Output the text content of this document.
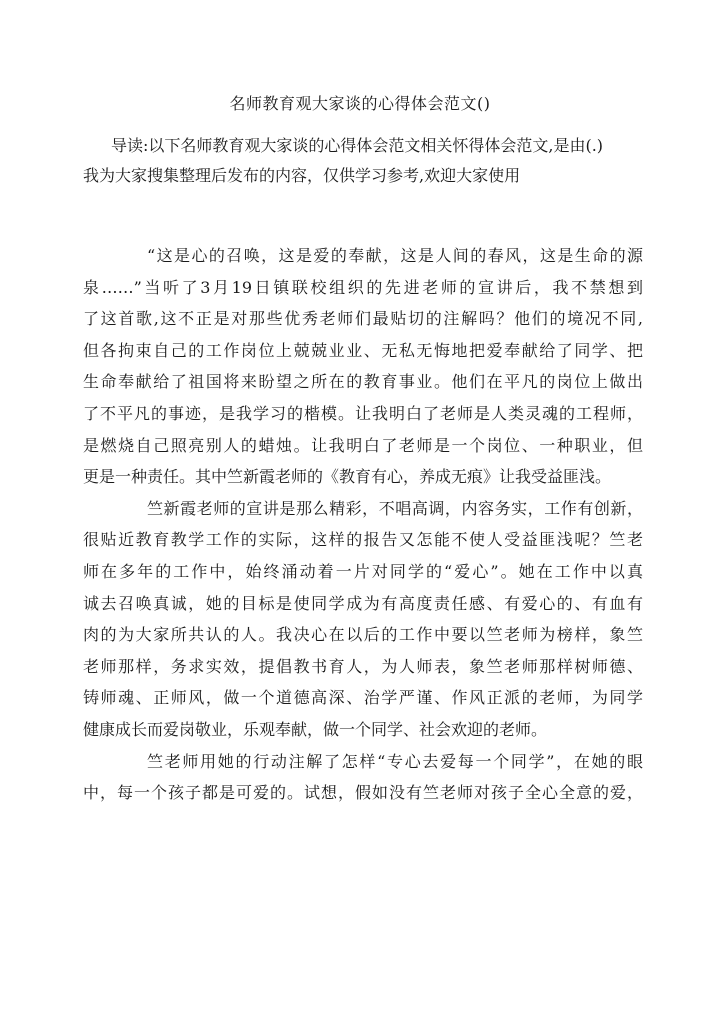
名师教育观大家谈的心得体会范文()
导读:以下名师教育观大家谈的心得体会范文相关怀得体会范文,是由(.)
我为大家搜集整理后发布的内容，仅供学习参考,欢迎大家使用
“这是心的召唤，这是爱的奉献，这是人间的春风，这是生命的源
泉……”当听了3月19日镇联校组织的先进老师的宣讲后，我不禁想到
了这首歌,这不正是对那些优秀老师们最贴切的注解吗？他们的境况不同,
但各拘束自己的工作岗位上兢兢业业、无私无悔地把爱奉献给了同学、把
生命奉献给了祖国将来盼望之所在的教育事业。他们在平凡的岗位上做出
了不平凡的事迹，是我学习的楷模。让我明白了老师是人类灵魂的工程师，
是燃烧自己照亮别人的蜡烛。让我明白了老师是一个岗位、一种职业，但
更是一种责任。其中竺新霞老师的《教育有心，养成无痕》让我受益匪浅。
竺新霞老师的宣讲是那么精彩，不唱高调，内容务实，工作有创新，
很贴近教育教学工作的实际，这样的报告又怎能不使人受益匪浅呢？竺老
师在多年的工作中，始终涌动着一片对同学的“爱心”。她在工作中以真
诚去召唤真诚，她的目标是使同学成为有高度责任感、有爱心的、有血有
肉的为大家所共认的人。我决心在以后的工作中要以竺老师为榜样，象竺
老师那样，务求实效，提倡教书育人，为人师表，象竺老师那样树师德、
铸师魂、正师风，做一个道德高深、治学严谨、作风正派的老师，为同学
健康成长而爱岗敬业，乐观奉献，做一个同学、社会欢迎的老师。
竺老师用她的行动注解了怎样“专心去爱每一个同学”，在她的眼
中，每一个孩子都是可爱的。试想，假如没有竺老师对孩子全心全意的爱，
